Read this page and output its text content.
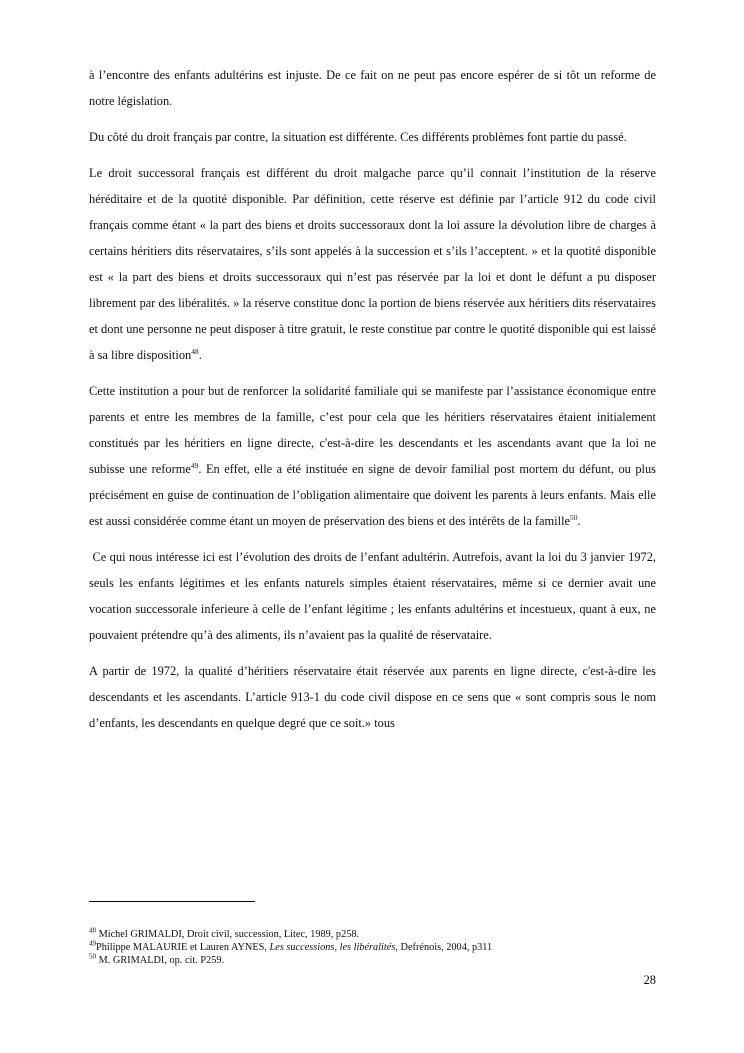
à l’encontre des enfants adultérins est injuste. De ce fait on ne peut pas encore espérer de si tôt un reforme de notre législation.

Du côté du droit français par contre, la situation est différente. Ces différents problèmes font partie du passé.

Le droit successoral français est différent du droit malgache parce qu’il connait l’institution de la réserve héréditaire et de la quotité disponible. Par définition, cette réserve est définie par l’article 912 du code civil français comme étant « la part des biens et droits successoraux dont la loi assure la dévolution libre de charges à certains héritiers dits réservataires, s’ils sont appelés à la succession et s’ils l’acceptent. » et la quotité disponible est « la part des biens et droits successoraux qui n’est pas réservée par la loi et dont le défunt a pu disposer librement par des libéralités. » la réserve constitue donc la portion de biens réservée aux héritiers dits réservataires et dont une personne ne peut disposer à titre gratuit, le reste constitue par contre le quotité disponible qui est laissé à sa libre disposition$^{48}$.

Cette institution a pour but de renforcer la solidarité familiale qui se manifeste par l’assistance économique entre parents et entre les membres de la famille, c’est pour cela que les héritiers réservataires étaient initialement constitués par les héritiers en ligne directe, c'est-à-dire les descendants et les ascendants avant que la loi ne subisse une reforme$^{49}$. En effet, elle a été instituée en signe de devoir familial post mortem du défunt, ou plus précisément en guise de continuation de l’obligation alimentaire que doivent les parents à leurs enfants. Mais elle est aussi considérée comme étant un moyen de préservation des biens et des intérêts de la famille$^{50}$.

Ce qui nous intéresse ici est l’évolution des droits de l’enfant adultérin. Autrefois, avant la loi du 3 janvier 1972, seuls les enfants légitimes et les enfants naturels simples étaient réservataires, même si ce dernier avait une vocation successorale inferieure à celle de l’enfant légitime ; les enfants adultérins et incestueux, quant à eux, ne pouvaient prétendre qu’à des aliments, ils n’avaient pas la qualité de réservataire.

A partir de 1972, la qualité d’héritiers réservataire était réservée aux parents en ligne directe, c'est-à-dire les descendants et les ascendants. L’article 913-1 du code civil dispose en ce sens que « sont compris sous le nom d’enfants, les descendants en quelque degré que ce soit.» tous

$^{48}$ Michel GRIMALDI, Droit civil, succession, Litec, 1989, p258.

$^{49}$Philippe MALAURIE et Lauren AYNES, Les successions, les libéralités, Defrénois, 2004, p311

$^{50}$ M. GRIMALDI, op. cit. P259.

28
